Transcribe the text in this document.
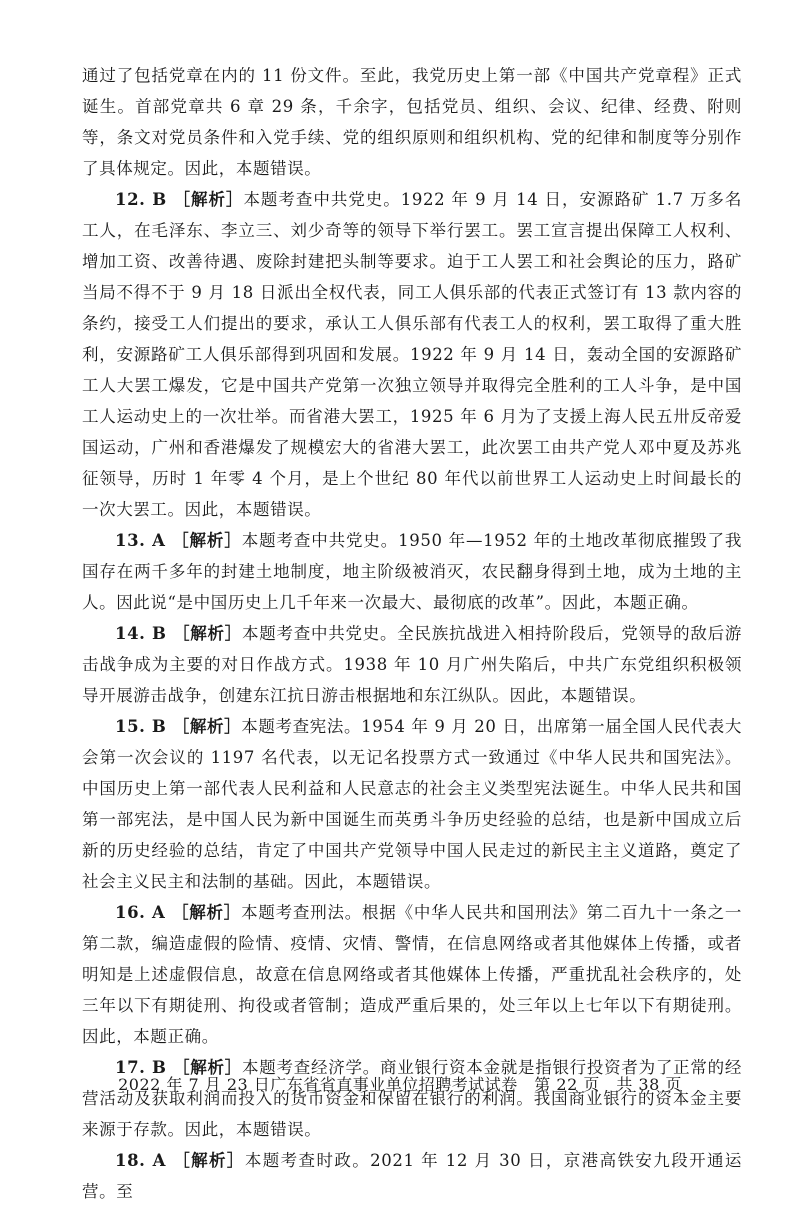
通过了包括党章在内的 11 份文件。至此，我党历史上第一部《中国共产党章程》正式诞生。首部党章共 6 章 29 条，千余字，包括党员、组织、会议、纪律、经费、附则等，条文对党员条件和入党手续、党的组织原则和组织机构、党的纪律和制度等分别作了具体规定。因此，本题错误。

12. B ［解析］本题考查中共党史。1922 年 9 月 14 日，安源路矿 1.7 万多名工人，在毛泽东、李立三、刘少奇等的领导下举行罢工。罢工宣言提出保障工人权利、增加工资、改善待遇、废除封建把头制等要求。迫于工人罢工和社会舆论的压力，路矿当局不得不于 9 月 18 日派出全权代表，同工人俱乐部的代表正式签订有 13 款内容的条约，接受工人们提出的要求，承认工人俱乐部有代表工人的权利，罢工取得了重大胜利，安源路矿工人俱乐部得到巩固和发展。1922 年 9 月 14 日，轰动全国的安源路矿工人大罢工爆发，它是中国共产党第一次独立领导并取得完全胜利的工人斗争，是中国工人运动史上的一次壮举。而省港大罢工，1925 年 6 月为了支援上海人民五卅反帝爱国运动，广州和香港爆发了规模宏大的省港大罢工，此次罢工由共产党人邓中夏及苏兆征领导，历时 1 年零 4 个月，是上个世纪 80 年代以前世界工人运动史上时间最长的一次大罢工。因此，本题错误。

13. A ［解析］本题考查中共党史。1950 年—1952 年的土地改革彻底摧毁了我国存在两千多年的封建土地制度，地主阶级被消灭，农民翻身得到土地，成为土地的主人。因此说“是中国历史上几千年来一次最大、最彻底的改革”。因此，本题正确。

14. B ［解析］本题考查中共党史。全民族抗战进入相持阶段后，党领导的敌后游击战争成为主要的对日作战方式。1938 年 10 月广州失陷后，中共广东党组织积极领导开展游击战争，创建东江抗日游击根据地和东江纵队。因此，本题错误。

15. B ［解析］本题考查宪法。1954 年 9 月 20 日，出席第一届全国人民代表大会第一次会议的 1197 名代表，以无记名投票方式一致通过《中华人民共和国宪法》。中国历史上第一部代表人民利益和人民意志的社会主义类型宪法诞生。中华人民共和国第一部宪法，是中国人民为新中国诞生而英勇斗争历史经验的总结，也是新中国成立后新的历史经验的总结，肯定了中国共产党领导中国人民走过的新民主主义道路，奠定了社会主义民主和法制的基础。因此，本题错误。

16. A ［解析］本题考查刑法。根据《中华人民共和国刑法》第二百九十一条之一第二款，编造虚假的险情、疫情、灾情、警情，在信息网络或者其他媒体上传播，或者明知是上述虚假信息，故意在信息网络或者其他媒体上传播，严重扰乱社会秩序的，处三年以下有期徒刑、拘役或者管制；造成严重后果的，处三年以上七年以下有期徒刑。因此，本题正确。

17. B ［解析］本题考查经济学。商业银行资本金就是指银行投资者为了正常的经营活动及获取利润而投入的货币资金和保留在银行的利润。我国商业银行的资本金主要来源于存款。因此，本题错误。

18. A ［解析］本题考查时政。2021 年 12 月 30 日，京港高铁安九段开通运营。至

2022 年 7 月 23 日广东省省直事业单位招聘考试试卷　第 22 页　共 38 页
